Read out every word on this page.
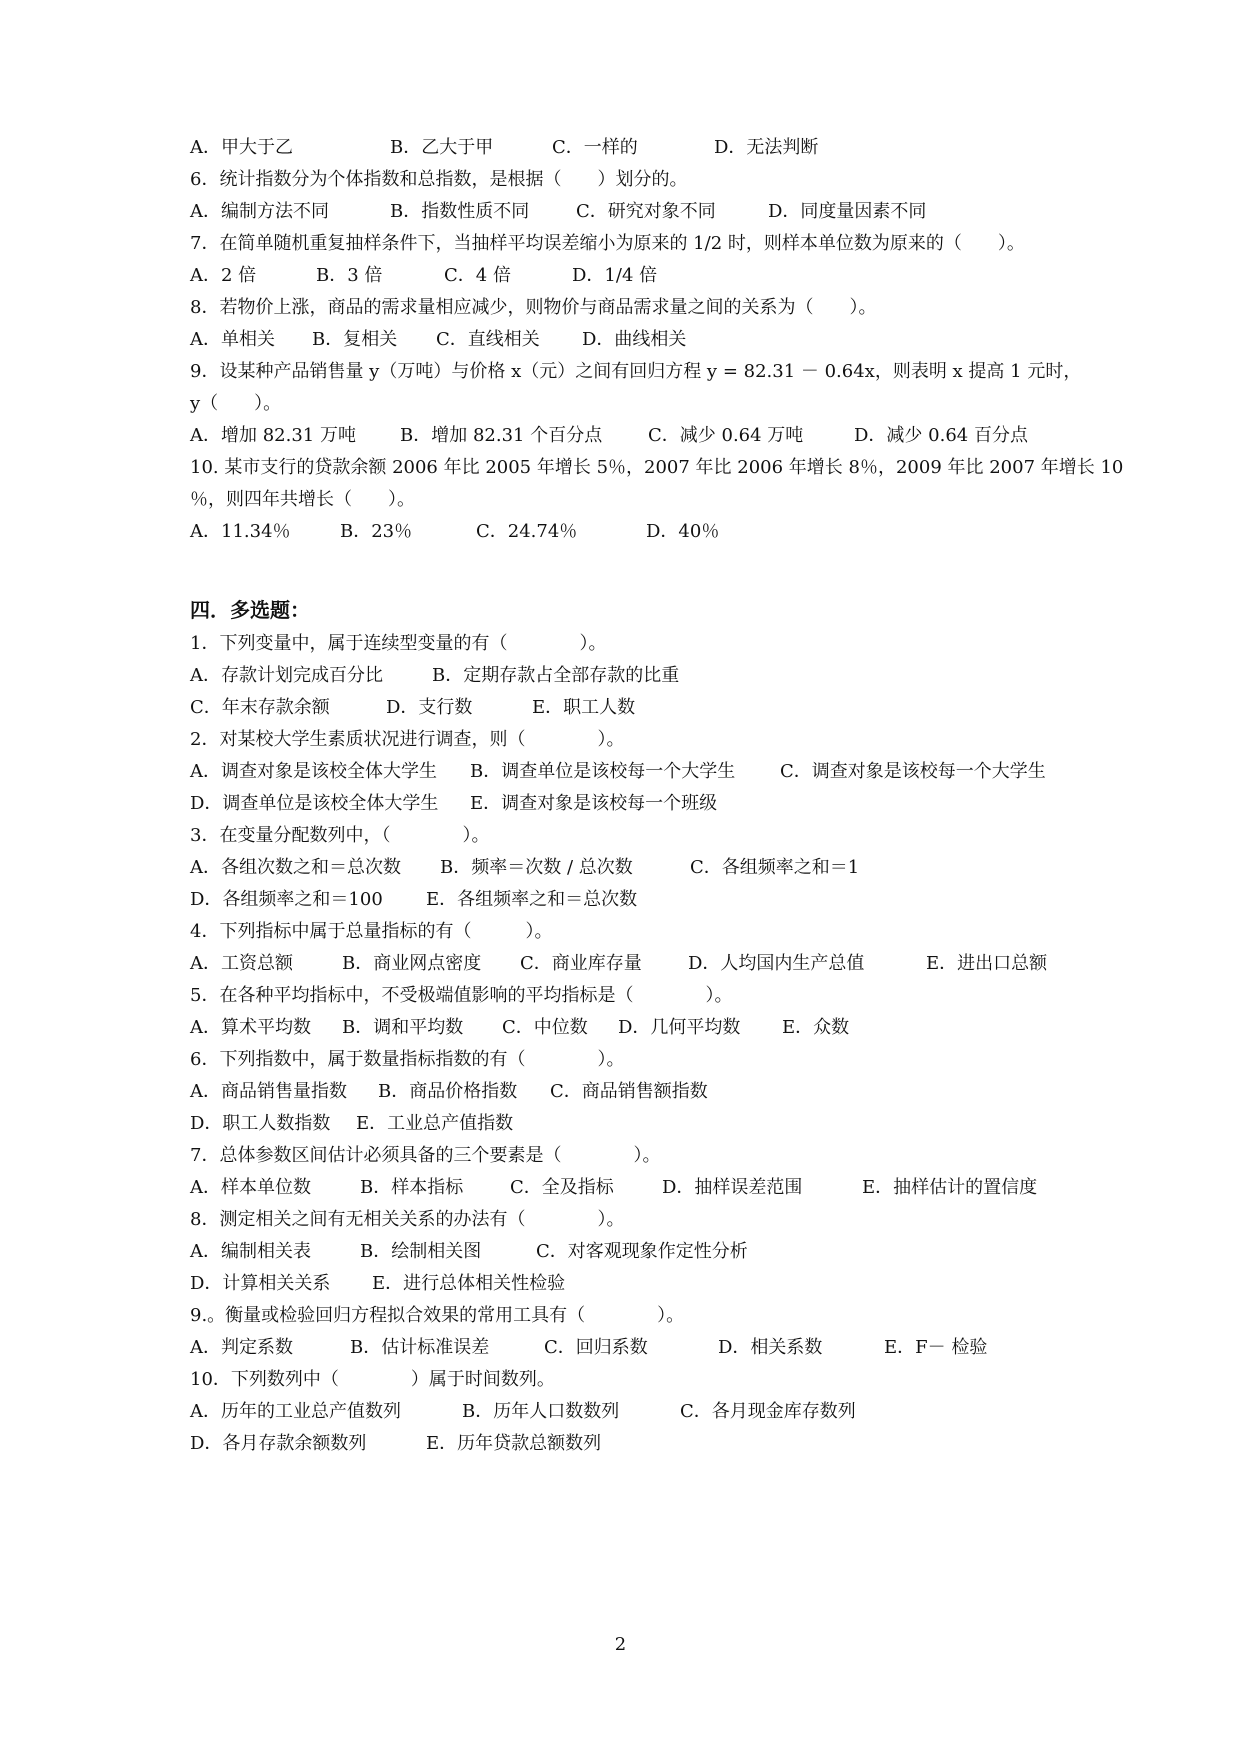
A．甲大于乙	B．乙大于甲	C．一样的	D．无法判断
6．统计指数分为个体指数和总指数，是根据（　　）划分的。
A．编制方法不同	B．指数性质不同	C．研究对象不同	D．同度量因素不同
7．在简单随机重复抽样条件下，当抽样平均误差缩小为原来的 1/2 时，则样本单位数为原来的（　　）。
A．2 倍	B．3 倍	C．4 倍	D．1/4 倍
8．若物价上涨，商品的需求量相应减少，则物价与商品需求量之间的关系为（　　）。
A．单相关 B．复相关 C．直线相关 D．曲线相关
9．设某种产品销售量 y（万吨）与价格 x（元）之间有回归方程 y = 82.31 － 0.64x，则表明 x 提高 1 元时，
y（　　）。
A．增加 82.31 万吨 B．增加 82.31 个百分点	C．减少 0.64 万吨	D．减少 0.64 百分点
10. 某市支行的贷款余额 2006 年比 2005 年增长 5％，2007 年比 2006 年增长 8％，2009 年比 2007 年增长 10
％，则四年共增长（　　）。
A．11.34％	B．23％	C．24.74％	D．40％
四．多选题：
1．下列变量中，属于连续型变量的有（　　　　）。
A．存款计划完成百分比	B．定期存款占全部存款的比重
C．年末存款余额	D．支行数	E．职工人数
2．对某校大学生素质状况进行调查，则（　　　　）。
A．调查对象是该校全体大学生 B．调查单位是该校每一个大学生 C．调查对象是该校每一个大学生
D．调查单位是该校全体大学生 E．调查对象是该校每一个班级
3．在变量分配数列中，（　　　　）。
A．各组次数之和＝总次数 B．频率＝次数 / 总次数	C．各组频率之和＝1
D．各组频率之和＝100 E．各组频率之和＝总次数
4．下列指标中属于总量指标的有（　　　）。
A．工资总额	B．商业网点密度 C．商业库存量	D．人均国内生产总值	E．进出口总额
5．在各种平均指标中，不受极端值影响的平均指标是（　　　　）。
A．算术平均数 B．调和平均数 C．中位数 D．几何平均数 E．众数
6．下列指数中，属于数量指标指数的有（　　　　）。
A．商品销售量指数 B．商品价格指数 C．商品销售额指数
D．职工人数指数 E．工业总产值指数
7．总体参数区间估计必须具备的三个要素是（　　　　）。
A．样本单位数	B．样本指标	C．全及指标	D．抽样误差范围	E．抽样估计的置信度
8．测定相关之间有无相关关系的办法有（　　　　）。
A．编制相关表	B．绘制相关图	C．对客观现象作定性分析
D．计算相关关系 E．进行总体相关性检验
9.。衡量或检验回归方程拟合效果的常用工具有（　　　　）。
A．判定系数	B．估计标准误差	C．回归系数	D．相关系数	E．F－ 检验
10．下列数列中（　　　　）属于时间数列。
A．历年的工业总产值数列	B．历年人口数数列	C．各月现金库存数列
D．各月存款余额数列	E．历年贷款总额数列
2
